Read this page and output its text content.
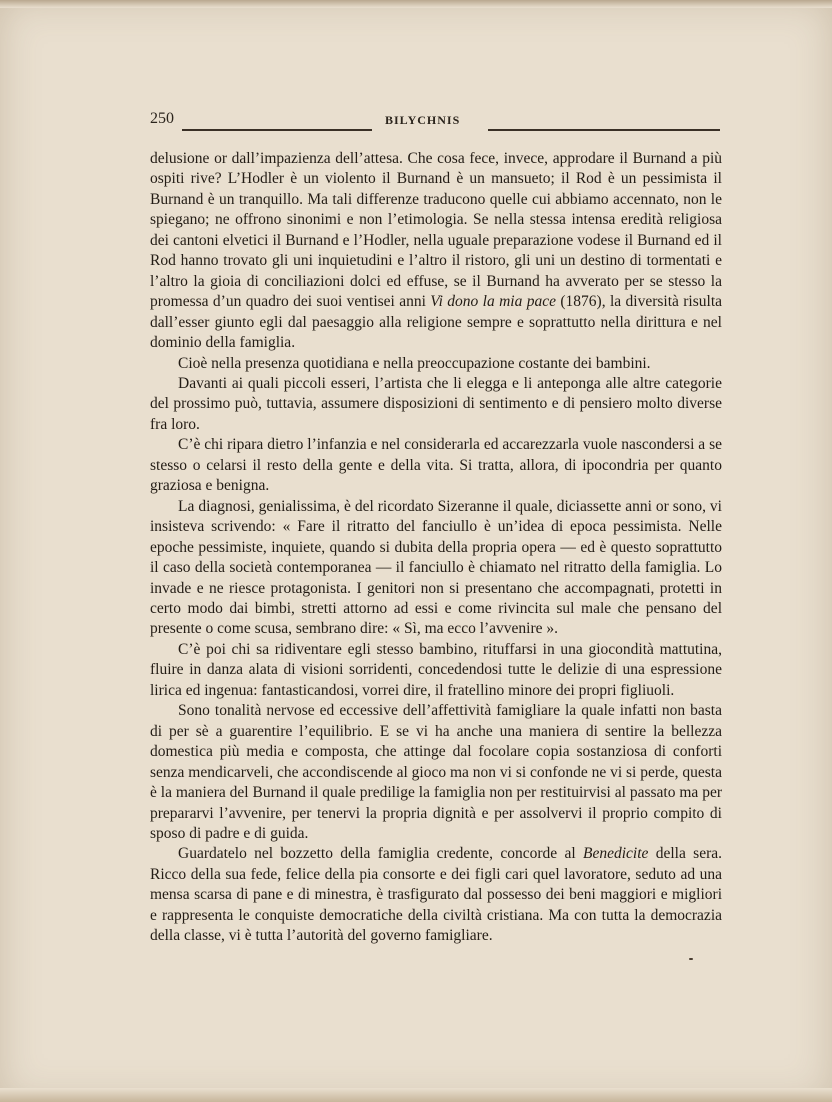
250	BILYCHNIS

delusione or dall’impazienza dell’attesa. Che cosa fece, invece, approdare il Burnand a più ospiti rive? L’Hodler è un violento il Burnand è un mansueto; il Rod è un pessimista il Burnand è un tranquillo. Ma tali differenze traducono quelle cui abbiamo accennato, non le spiegano; ne offrono sinonimi e non l’etimologia. Se nella stessa intensa eredità religiosa dei cantoni elvetici il Burnand e l’Hodler, nella uguale preparazione vodese il Burnand ed il Rod hanno trovato gli uni inquietudini e l’altro il ristoro, gli uni un destino di tormentati e l’altro la gioia di conciliazioni dolci ed effuse, se il Burnand ha avverato per se stesso la promessa d’un quadro dei suoi ventisei anni Vi dono la mia pace (1876), la diversità risulta dall’esser giunto egli dal paesaggio alla religione sempre e soprattutto nella dirittura e nel dominio della famiglia.

Cioè nella presenza quotidiana e nella preoccupazione costante dei bambini.

Davanti ai quali piccoli esseri, l’artista che li elegga e li anteponga alle altre categorie del prossimo può, tuttavia, assumere disposizioni di sentimento e di pensiero molto diverse fra loro.

C’è chi ripara dietro l’infanzia e nel considerarla ed accarezzarla vuole nascondersi a se stesso o celarsi il resto della gente e della vita. Si tratta, allora, di ipocondria per quanto graziosa e benigna.

La diagnosi, genialissima, è del ricordato Sizeranne il quale, diciassette anni or sono, vi insisteva scrivendo: « Fare il ritratto del fanciullo è un’idea di epoca pessimista. Nelle epoche pessimiste, inquiete, quando si dubita della propria opera — ed è questo soprattutto il caso della società contemporanea — il fanciullo è chiamato nel ritratto della famiglia. Lo invade e ne riesce protagonista. I genitori non si presentano che accompagnati, protetti in certo modo dai bimbi, stretti attorno ad essi e come rivincita sul male che pensano del presente o come scusa, sembrano dire: « Sì, ma ecco l’avvenire ».

C’è poi chi sa ridiventare egli stesso bambino, rituffarsi in una giocondità mattutina, fluire in danza alata di visioni sorridenti, concedendosi tutte le delizie di una espressione lirica ed ingenua: fantasticandosi, vorrei dire, il fratellino minore dei propri figliuoli.

Sono tonalità nervose ed eccessive dell’affettività famigliare la quale infatti non basta di per sè a guarentire l’equilibrio. E se vi ha anche una maniera di sentire la bellezza domestica più media e composta, che attinge dal focolare copia sostanziosa di conforti senza mendicarveli, che accondiscende al gioco ma non vi si confonde ne vi si perde, questa è la maniera del Burnand il quale predilige la famiglia non per restituirvisi al passato ma per prepararvi l’avvenire, per tenervi la propria dignità e per assolvervi il proprio compito di sposo di padre e di guida.

Guardatelo nel bozzetto della famiglia credente, concorde al Benedicite della sera. Ricco della sua fede, felice della pia consorte e dei figli cari quel lavoratore, seduto ad una mensa scarsa di pane e di minestra, è trasfigurato dal possesso dei beni maggiori e migliori e rappresenta le conquiste democratiche della civiltà cristiana. Ma con tutta la democrazia della classe, vi è tutta l’autorità del governo famigliare.
